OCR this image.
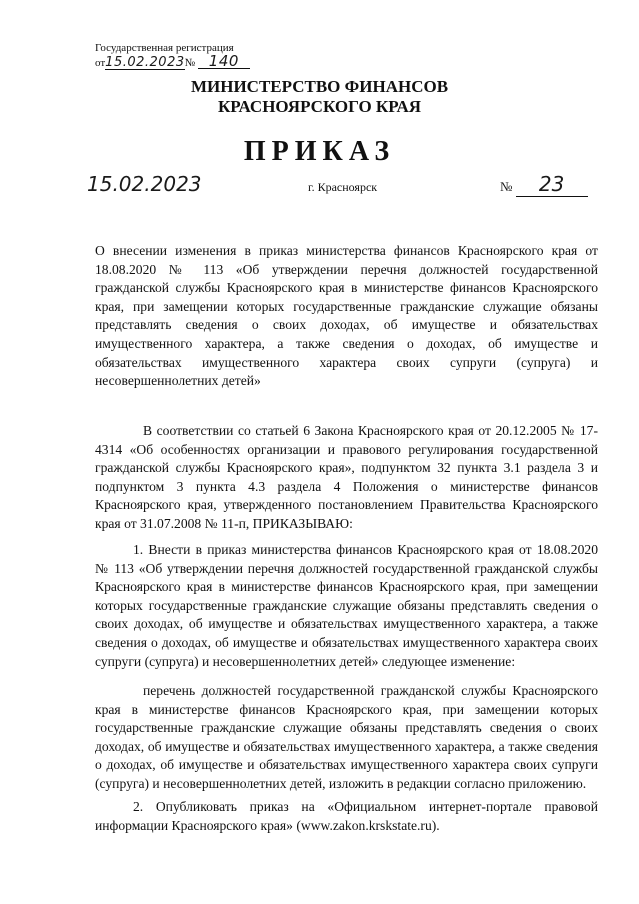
Государственная регистрация
от15.02.2023№ 140
МИНИСТЕРСТВО ФИНАНСОВ
КРАСНОЯРСКОГО КРАЯ
ПРИКАЗ
15.02.2023	г. Красноярск	№ 23
О внесении изменения в приказ министерства финансов Красноярского края от 18.08.2020 № 113 «Об утверждении перечня должностей государственной гражданской службы Красноярского края в министерстве финансов Красноярского края, при замещении которых государственные гражданские служащие обязаны представлять сведения о своих доходах, об имуществе и обязательствах имущественного характера, а также сведения о доходах, об имуществе и обязательствах имущественного характера своих супруги (супруга) и несовершеннолетних детей»
В соответствии со статьей 6 Закона Красноярского края от 20.12.2005 № 17-4314 «Об особенностях организации и правового регулирования государственной гражданской службы Красноярского края», подпунктом 32 пункта 3.1 раздела 3 и подпунктом 3 пункта 4.3 раздела 4 Положения о министерстве финансов Красноярского края, утвержденного постановлением Правительства Красноярского края от 31.07.2008 № 11-п, ПРИКАЗЫВАЮ:
1. Внести в приказ министерства финансов Красноярского края от 18.08.2020 № 113 «Об утверждении перечня должностей государственной гражданской службы Красноярского края в министерстве финансов Красноярского края, при замещении которых государственные гражданские служащие обязаны представлять сведения о своих доходах, об имуществе и обязательствах имущественного характера, а также сведения о доходах, об имуществе и обязательствах имущественного характера своих супруги (супруга) и несовершеннолетних детей» следующее изменение:
перечень должностей государственной гражданской службы Красноярского края в министерстве финансов Красноярского края, при замещении которых государственные гражданские служащие обязаны представлять сведения о своих доходах, об имуществе и обязательствах имущественного характера, а также сведения о доходах, об имуществе и обязательствах имущественного характера своих супруги (супруга) и несовершеннолетних детей, изложить в редакции согласно приложению.
2. Опубликовать приказ на «Официальном интернет-портале правовой информации Красноярского края» (www.zakon.krskstate.ru).
